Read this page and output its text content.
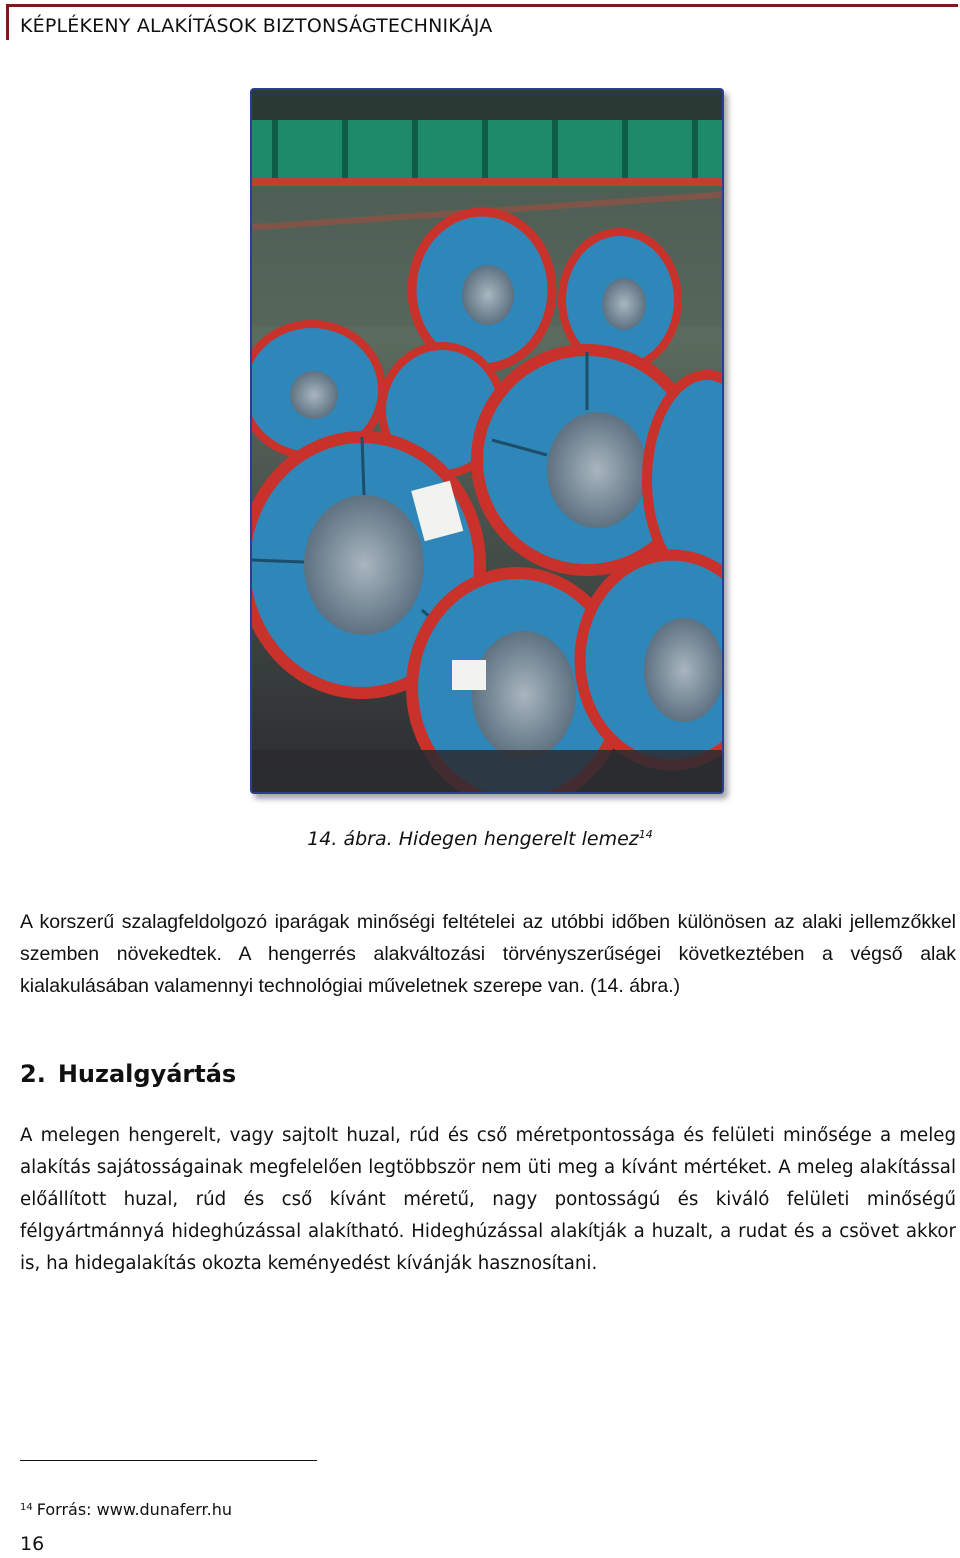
KÉPLÉKENY ALAKÍTÁSOK BIZTONSÁGTECHNIKÁJA
14. ábra. Hidegen hengerelt lemez$^{14}$
A korszerű szalagfeldolgozó iparágak minőségi feltételei az utóbbi időben különösen az alaki jellemzőkkel szemben növekedtek. A hengerrés alakváltozási törvényszerűségei következtében a végső alak kialakulásában valamennyi technológiai műveletnek szerepe van. (14. ábra.)
2. Huzalgyártás
A melegen hengerelt, vagy sajtolt huzal, rúd és cső méretpontossága és felületi minősége a meleg alakítás sajátosságainak megfelelően legtöbbször nem üti meg a kívánt mértéket. A meleg alakítással előállított huzal, rúd és cső kívánt méretű, nagy pontosságú és kiváló felületi minőségű félgyártmánnyá hideghúzással alakítható. Hideghúzással alakítják a huzalt, a rudat és a csövet akkor is, ha hidegalakítás okozta keményedést kívánják hasznosítani.
$^{14}$ Forrás: www.dunaferr.hu
16
